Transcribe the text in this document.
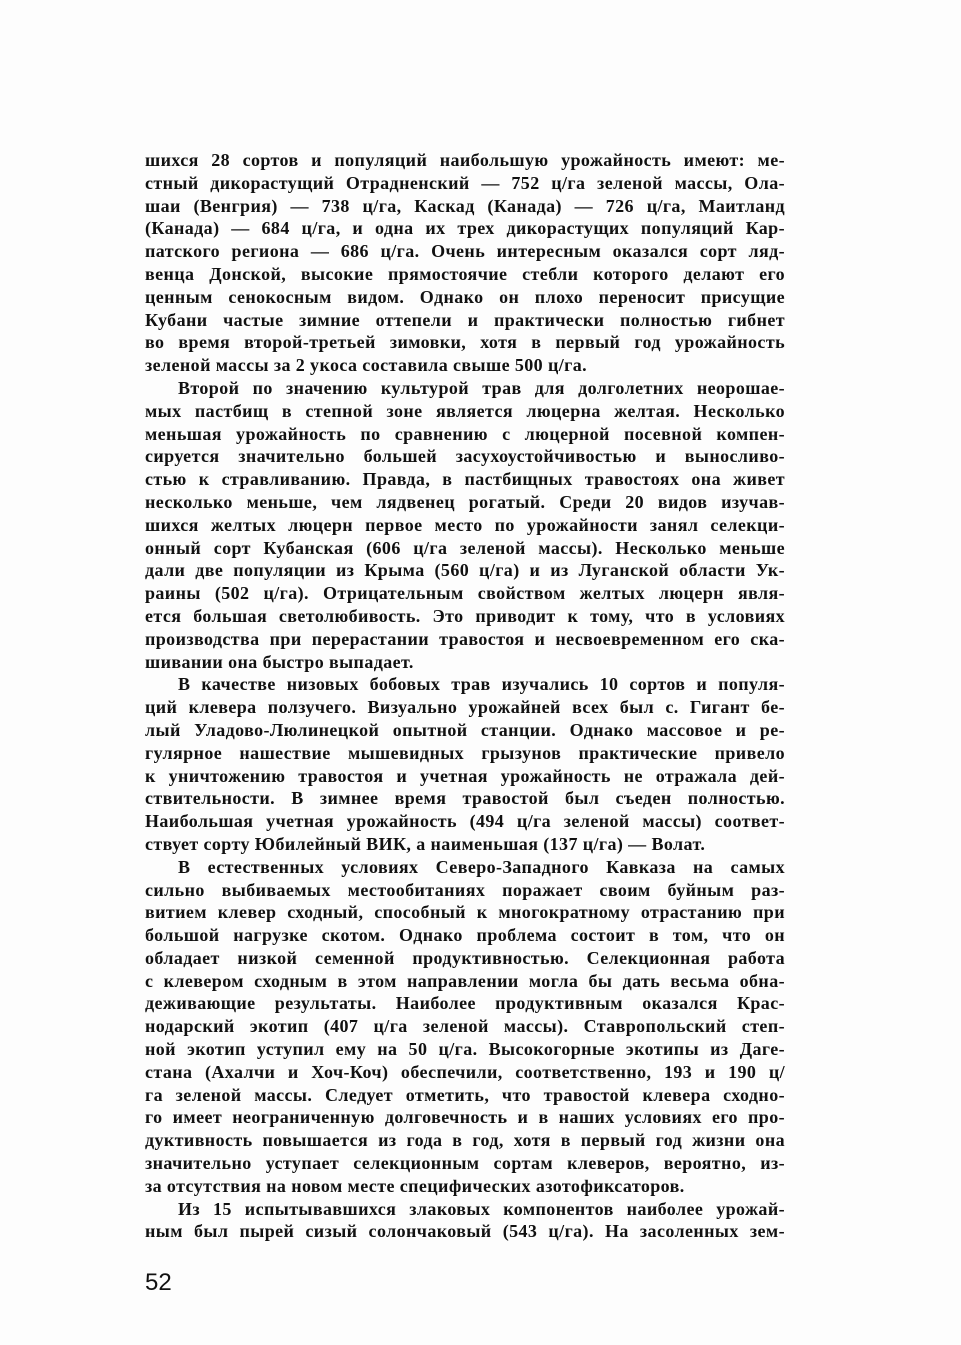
шихся 28 сортов и популяций наибольшую урожайность имеют: ме-
стный дикорастущий Отрадненский — 752 ц/га зеленой массы, Ола-
шаи (Венгрия) — 738 ц/га, Каскад (Канада) — 726 ц/га, Маитланд
(Канада) — 684 ц/га, и одна их трех дикорастущих популяций Кар-
патского региона — 686 ц/га. Очень интересным оказался сорт ляд-
венца Донской, высокие прямостоячие стебли которого делают его
ценным сенокосным видом. Однако он плохо переносит присущие
Кубани частые зимние оттепели и практически полностью гибнет
во время второй-третьей зимовки, хотя в первый год урожайность
зеленой массы за 2 укоса составила свыше 500 ц/га.
Второй по значению культурой трав для долголетних неорошае-
мых пастбищ в степной зоне является люцерна желтая. Несколько
меньшая урожайность по сравнению с люцерной посевной компен-
сируется значительно большей засухоустойчивостью и выносливо-
стью к стравливанию. Правда, в пастбищных травостоях она живет
несколько меньше, чем лядвенец рогатый. Среди 20 видов изучав-
шихся желтых люцерн первое место по урожайности занял селекци-
онный сорт Кубанская (606 ц/га зеленой массы). Несколько меньше
дали две популяции из Крыма (560 ц/га) и из Луганской области Ук-
раины (502 ц/га). Отрицательным свойством желтых люцерн явля-
ется большая светолюбивость. Это приводит к тому, что в условиях
производства при перерастании травостоя и несвоевременном его ска-
шивании она быстро выпадает.
В качестве низовых бобовых трав изучались 10 сортов и популя-
ций клевера ползучего. Визуально урожайней всех был с. Гигант бе-
лый Уладово-Люлинецкой опытной станции. Однако массовое и ре-
гулярное нашествие мышевидных грызунов практические привело
к уничтожению травостоя и учетная урожайность не отражала дей-
ствительности. В зимнее время травостой был съеден полностью.
Наибольшая учетная урожайность (494 ц/га зеленой массы) соответ-
ствует сорту Юбилейный ВИК, а наименьшая (137 ц/га) — Волат.
В естественных условиях Северо-Западного Кавказа на самых
сильно выбиваемых местообитаниях поражает своим буйным раз-
витием клевер сходный, способный к многократному отрастанию при
большой нагрузке скотом. Однако проблема состоит в том, что он
обладает низкой семенной продуктивностью. Селекционная работа
с клевером сходным в этом направлении могла бы дать весьма обна-
деживающие результаты. Наиболее продуктивным оказался Крас-
нодарский экотип (407 ц/га зеленой массы). Ставропольский степ-
ной экотип уступил ему на 50 ц/га. Высокогорные экотипы из Даге-
стана (Ахалчи и Хоч-Коч) обеспечили, соответственно, 193 и 190 ц/
га зеленой массы. Следует отметить, что травостой клевера сходно-
го имеет неограниченную долговечность и в наших условиях его про-
дуктивность повышается из года в год, хотя в первый год жизни она
значительно уступает селекционным сортам клеверов, вероятно, из-
за отсутствия на новом месте специфических азотофиксаторов.
Из 15 испытывавшихся злаковых компонентов наиболее урожай-
ным был пырей сизый солончаковый (543 ц/га). На засоленных зем-
52
